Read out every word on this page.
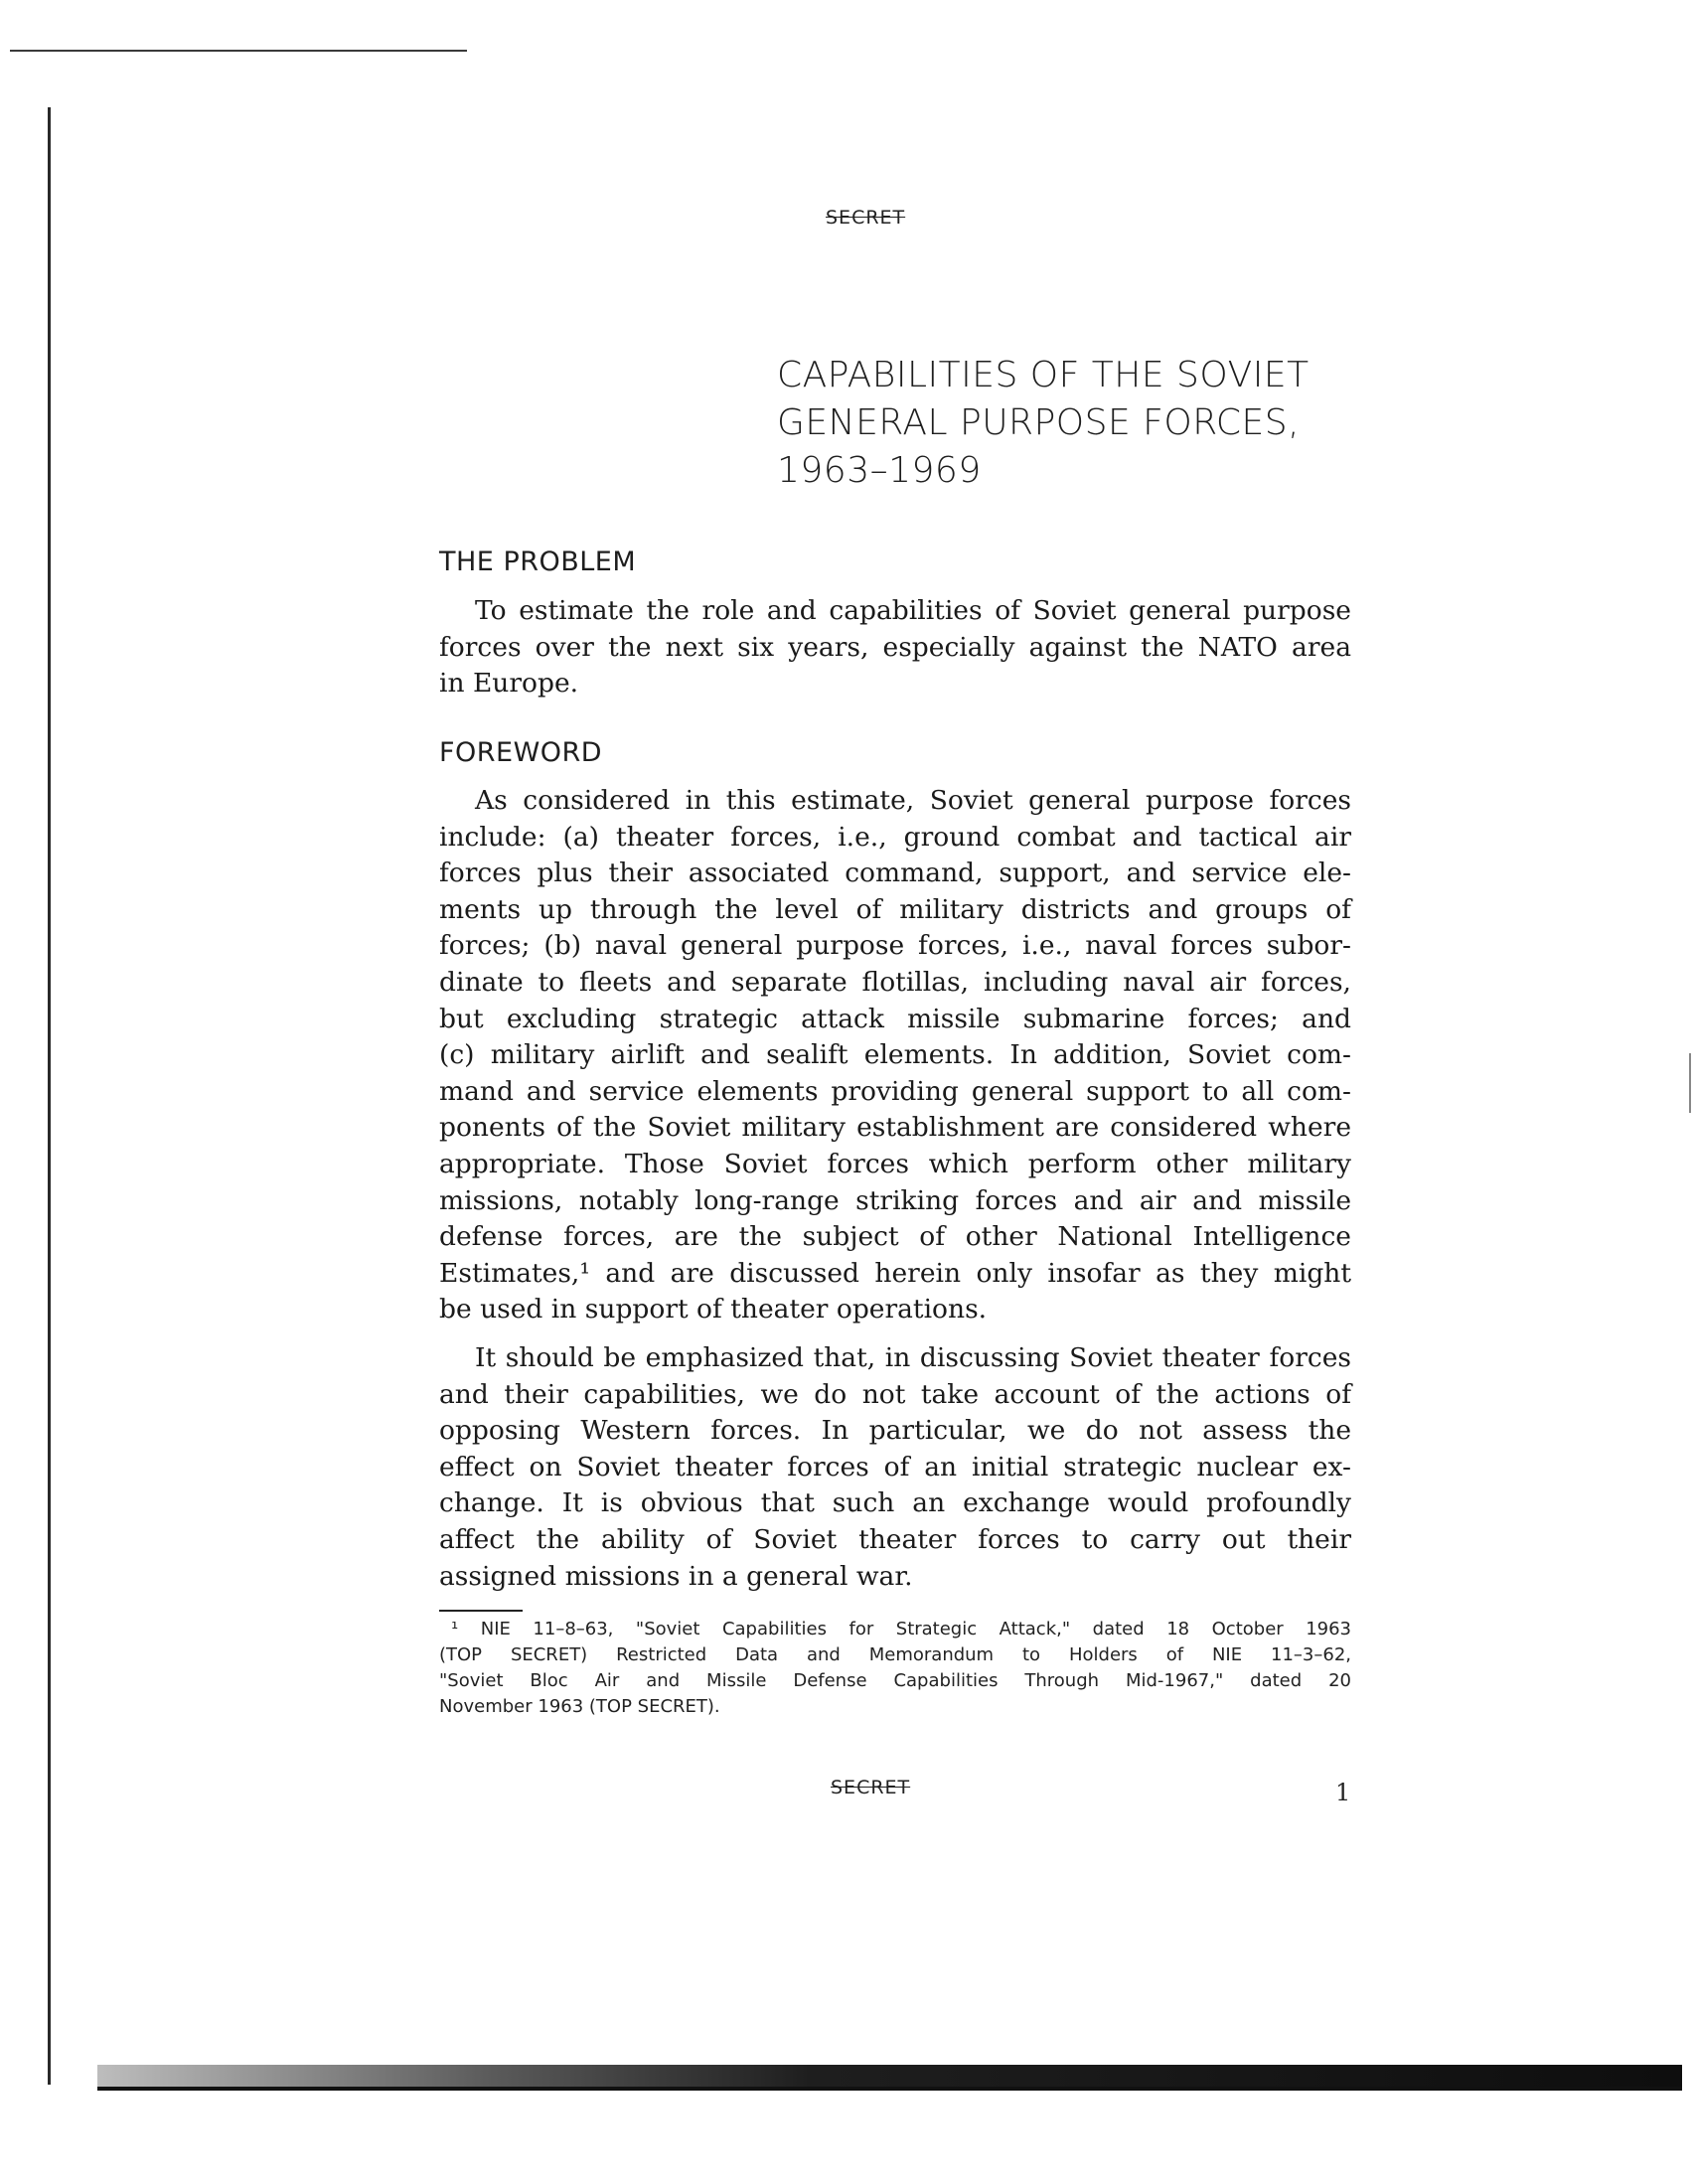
SECRET
CAPABILITIES OF THE SOVIET
GENERAL PURPOSE FORCES,
1963–1969
THE PROBLEM
To estimate the role and capabilities of Soviet general purpose
forces over the next six years, especially against the NATO area
in Europe.
FOREWORD
As considered in this estimate, Soviet general purpose forces
include: (a) theater forces, i.e., ground combat and tactical air
forces plus their associated command, support, and service ele-
ments up through the level of military districts and groups of
forces; (b) naval general purpose forces, i.e., naval forces subor-
dinate to fleets and separate flotillas, including naval air forces,
but excluding strategic attack missile submarine forces; and
(c) military airlift and sealift elements. In addition, Soviet com-
mand and service elements providing general support to all com-
ponents of the Soviet military establishment are considered where
appropriate. Those Soviet forces which perform other military
missions, notably long-range striking forces and air and missile
defense forces, are the subject of other National Intelligence
Estimates,¹ and are discussed herein only insofar as they might
be used in support of theater operations.
It should be emphasized that, in discussing Soviet theater forces
and their capabilities, we do not take account of the actions of
opposing Western forces. In particular, we do not assess the
effect on Soviet theater forces of an initial strategic nuclear ex-
change. It is obvious that such an exchange would profoundly
affect the ability of Soviet theater forces to carry out their
assigned missions in a general war.
¹ NIE 11–8–63, "Soviet Capabilities for Strategic Attack," dated 18 October 1963
(TOP SECRET) Restricted Data and Memorandum to Holders of NIE 11–3–62,
"Soviet Bloc Air and Missile Defense Capabilities Through Mid-1967," dated 20
November 1963 (TOP SECRET).
SECRET	1
